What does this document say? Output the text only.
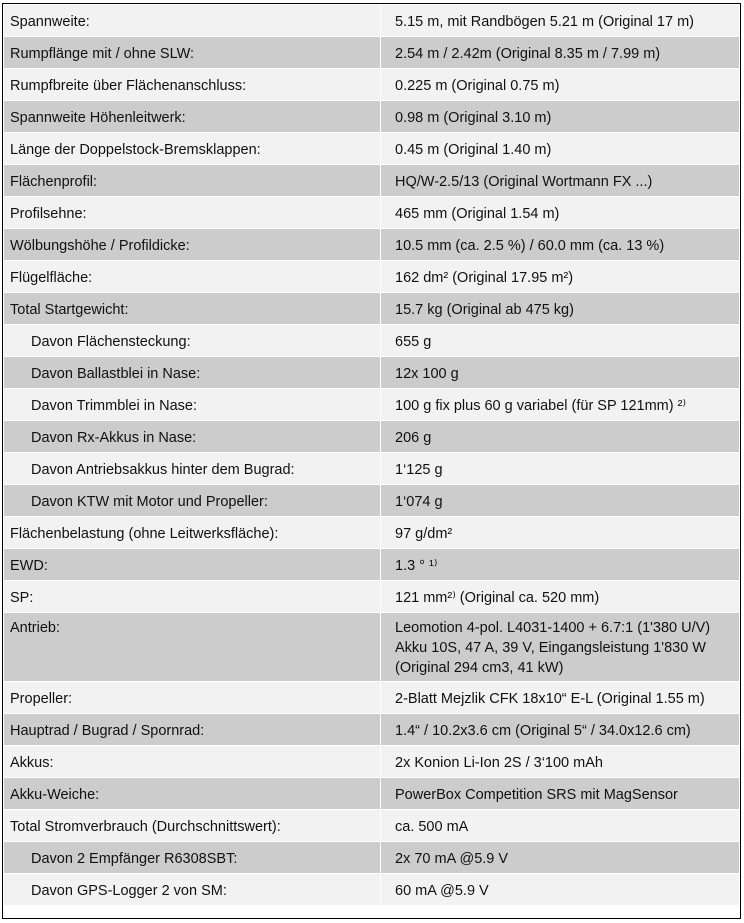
Spannweite:	5.15 m, mit Randbögen 5.21 m (Original 17 m)
Rumpflänge mit / ohne SLW:	2.54 m / 2.42m (Original 8.35 m / 7.99 m)
Rumpfbreite über Flächenanschluss:	0.225 m (Original 0.75 m)
Spannweite Höhenleitwerk:	0.98 m (Original 3.10 m)
Länge der Doppelstock-Bremsklappen:	0.45 m (Original 1.40 m)
Flächenprofil:	HQ/W-2.5/13 (Original Wortmann FX ...)
Profilsehne:	465 mm (Original 1.54 m)
Wölbungshöhe / Profildicke:	10.5 mm (ca. 2.5 %) / 60.0 mm (ca. 13 %)
Flügelfläche:	162 dm² (Original 17.95 m²)
Total Startgewicht:	15.7 kg (Original ab 475 kg)
Davon Flächensteckung:	655 g
Davon Ballastblei in Nase:	12x 100 g
Davon Trimmblei in Nase:	100 g fix plus 60 g variabel (für SP 121mm) ²⁾
Davon Rx-Akkus in Nase:	206 g
Davon Antriebsakkus hinter dem Bugrad:	1‘125 g
Davon KTW mit Motor und Propeller:	1‘074 g
Flächenbelastung (ohne Leitwerksfläche):	97 g/dm²
EWD:	1.3 ° ¹⁾
SP:	121 mm²⁾ (Original ca. 520 mm)
Antrieb:	Leomotion 4-pol. L4031-1400 + 6.7:1 (1'380 U/V)
Akku 10S, 47 A, 39 V, Eingangsleistung 1'830 W
(Original 294 cm3, 41 kW)

Propeller:	2-Blatt Mejzlik CFK 18x10“ E-L (Original 1.55 m)
Hauptrad / Bugrad / Spornrad:	1.4“ / 10.2x3.6 cm (Original 5“ / 34.0x12.6 cm)
Akkus:	2x Konion Li-Ion 2S / 3‘100 mAh
Akku-Weiche:	PowerBox Competition SRS mit MagSensor
Total Stromverbrauch (Durchschnittswert):	ca. 500 mA
Davon 2 Empfänger R6308SBT:	2x 70 mA @5.9 V
Davon GPS-Logger 2 von SM:	60 mA @5.9 V
